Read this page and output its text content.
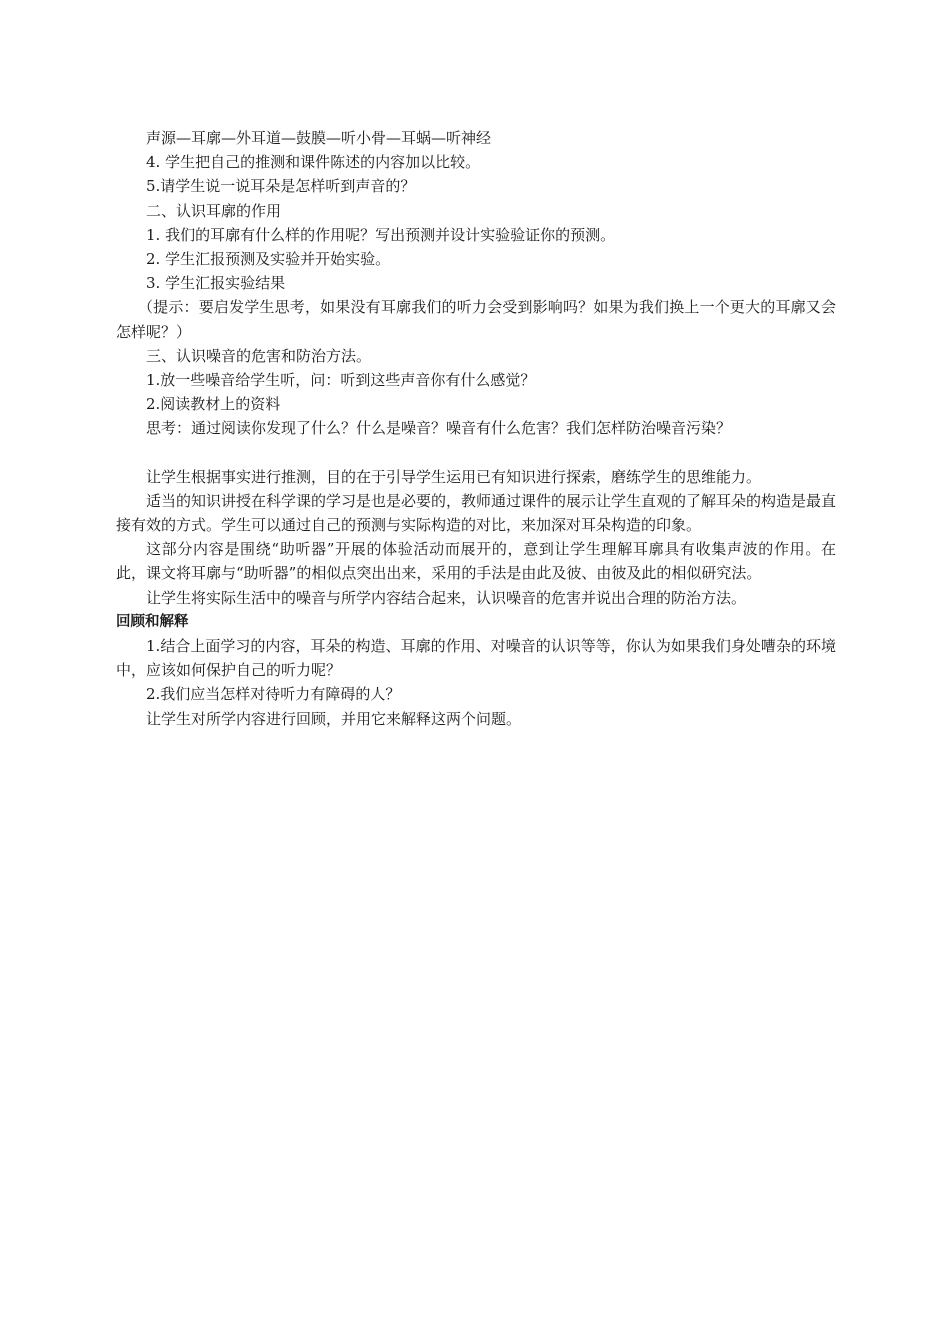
声源—耳廓—外耳道—鼓膜—听小骨—耳蜗—听神经
4. 学生把自己的推测和课件陈述的内容加以比较。
5.请学生说一说耳朵是怎样听到声音的？
二、认识耳廓的作用
1. 我们的耳廓有什么样的作用呢？写出预测并设计实验验证你的预测。
2. 学生汇报预测及实验并开始实验。
3. 学生汇报实验结果
（提示：要启发学生思考，如果没有耳廓我们的听力会受到影响吗？如果为我们换上一个更大的耳廓又会怎样呢？）
三、认识噪音的危害和防治方法。
1.放一些噪音给学生听，问：听到这些声音你有什么感觉？
2.阅读教材上的资料
思考：通过阅读你发现了什么？什么是噪音？噪音有什么危害？我们怎样防治噪音污染？
让学生根据事实进行推测，目的在于引导学生运用已有知识进行探索，磨练学生的思维能力。
适当的知识讲授在科学课的学习是也是必要的，教师通过课件的展示让学生直观的了解耳朵的构造是最直接有效的方式。学生可以通过自己的预测与实际构造的对比，来加深对耳朵构造的印象。
这部分内容是围绕“助听器”开展的体验活动而展开的，意到让学生理解耳廓具有收集声波的作用。在此，课文将耳廓与“助听器”的相似点突出出来，采用的手法是由此及彼、由彼及此的相似研究法。
让学生将实际生活中的噪音与所学内容结合起来，认识噪音的危害并说出合理的防治方法。
回顾和解释
1.结合上面学习的内容，耳朵的构造、耳廓的作用、对噪音的认识等等，你认为如果我们身处嘈杂的环境中，应该如何保护自己的听力呢？
2.我们应当怎样对待听力有障碍的人？
让学生对所学内容进行回顾，并用它来解释这两个问题。
